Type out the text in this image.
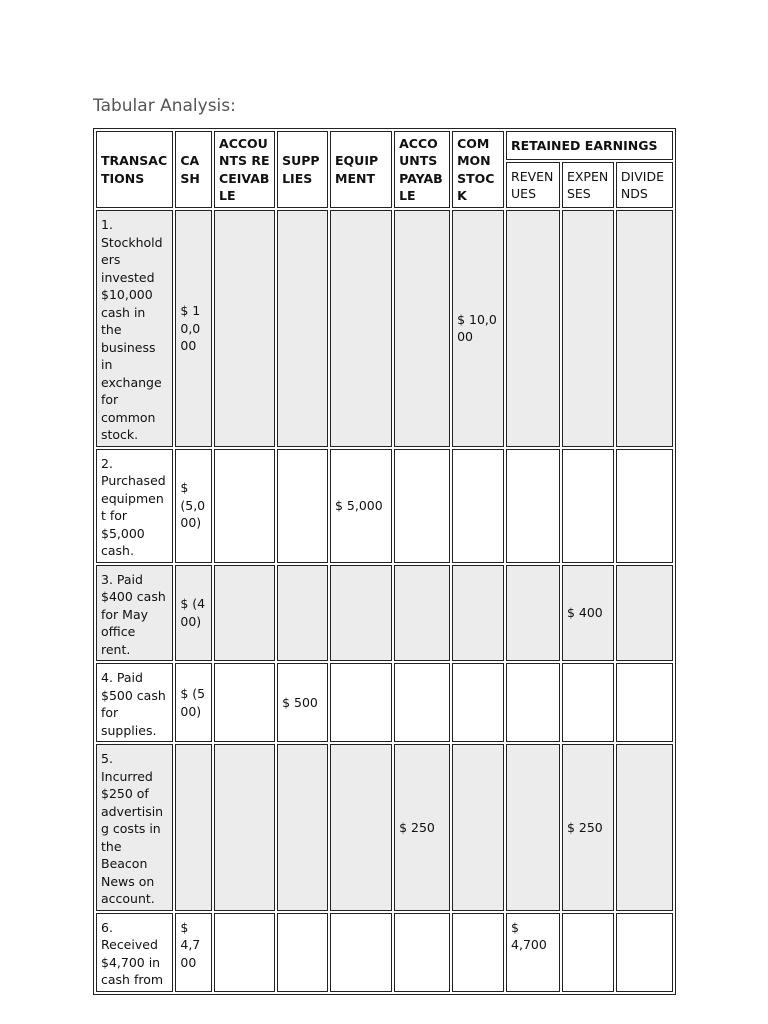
Tabular Analysis:
TRANSACTIONS	CASH	ACCOUNTS RECEIVABLE	SUPPLIES	EQUIPMENT	ACCOUNTS PAYABLE	COMMON STOCK	RETAINED EARNINGS		
							REVENUES	EXPENSES	DIVIDENDS
1. Stockholders invested $10,000 cash in the business in exchange for common stock.	$ 10,000					$ 10,000			
2. Purchased equipment for $5,000 cash.	$ (5,000)			$ 5,000					
3. Paid $400 cash for May office rent.	$ (400)							$ 400	
4. Paid $500 cash for supplies.	$ (500)		$ 500						
5. Incurred $250 of advertising costs in the Beacon News on account.					$ 250			$ 250	
6. Received $4,700 in cash from	$ 4,700						$ 4,700		
